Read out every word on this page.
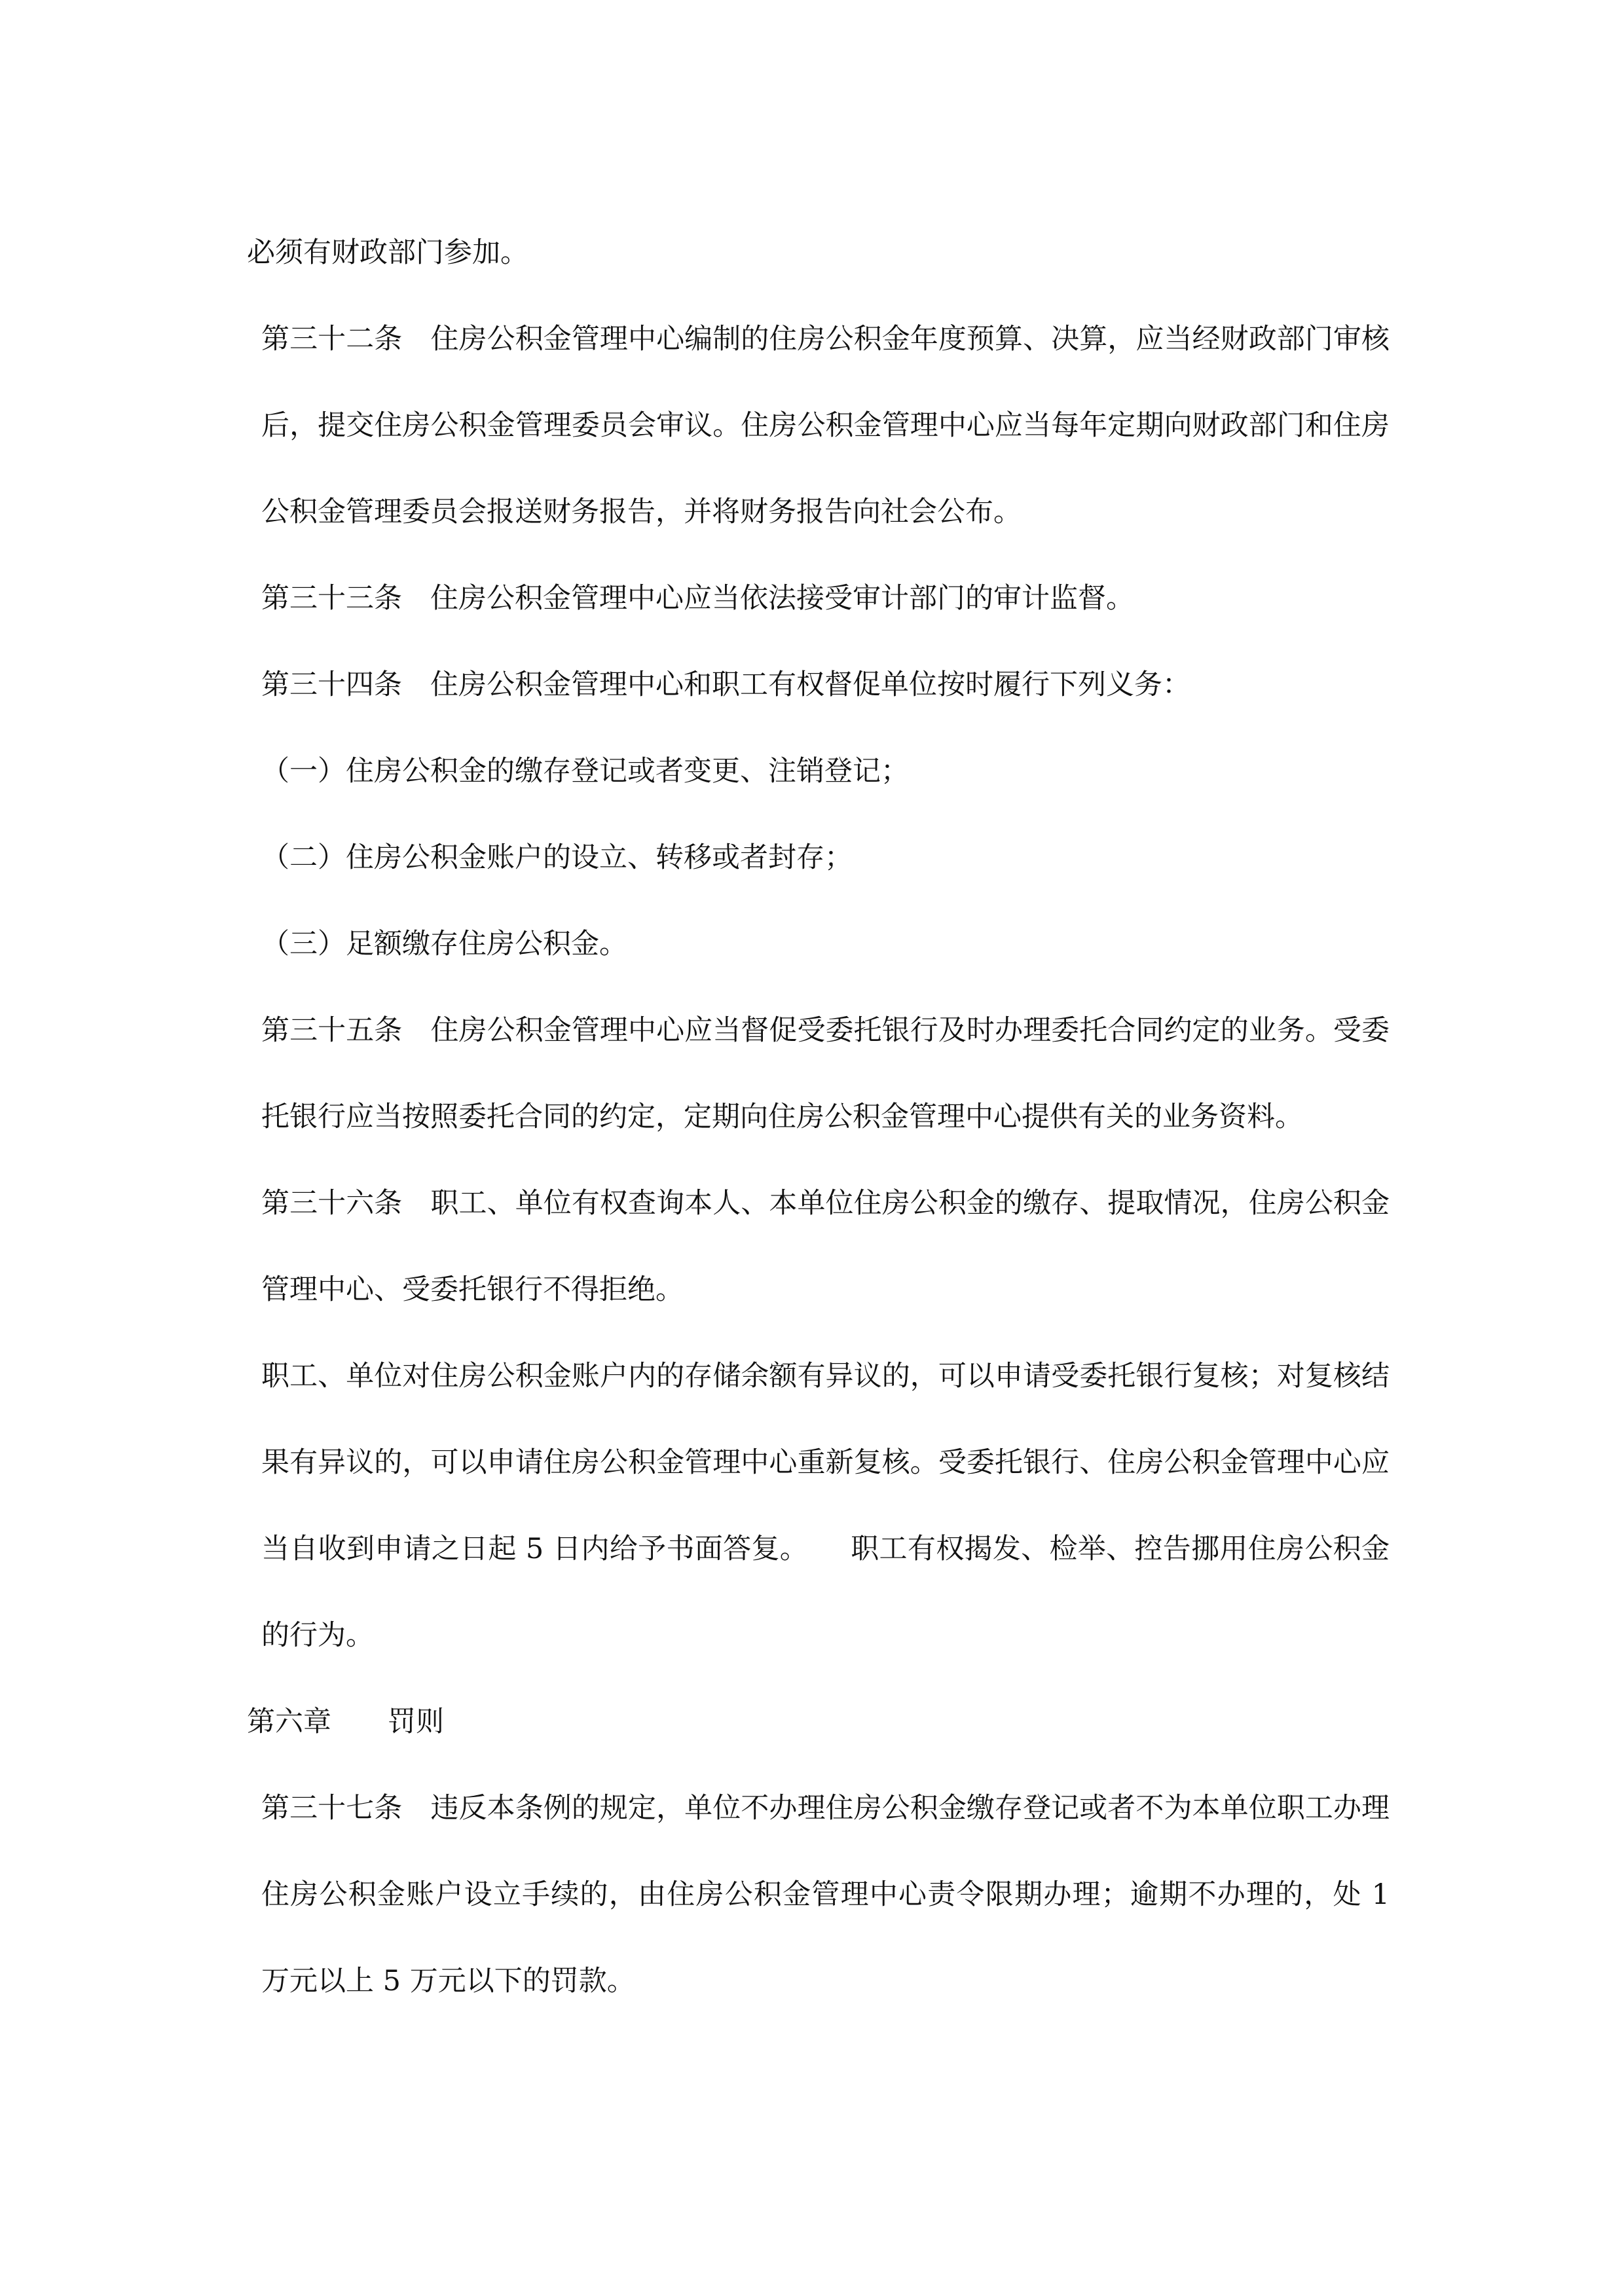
必须有财政部门参加。

第三十二条　住房公积金管理中心编制的住房公积金年度预算、决算，应当经财政部门审核后，提交住房公积金管理委员会审议。住房公积金管理中心应当每年定期向财政部门和住房公积金管理委员会报送财务报告，并将财务报告向社会公布。

第三十三条　住房公积金管理中心应当依法接受审计部门的审计监督。

第三十四条　住房公积金管理中心和职工有权督促单位按时履行下列义务：

（一）住房公积金的缴存登记或者变更、注销登记；

（二）住房公积金账户的设立、转移或者封存；

（三）足额缴存住房公积金。

第三十五条　住房公积金管理中心应当督促受委托银行及时办理委托合同约定的业务。受委托银行应当按照委托合同的约定，定期向住房公积金管理中心提供有关的业务资料。

第三十六条　职工、单位有权查询本人、本单位住房公积金的缴存、提取情况，住房公积金管理中心、受委托银行不得拒绝。

职工、单位对住房公积金账户内的存储余额有异议的，可以申请受委托银行复核；对复核结果有异议的，可以申请住房公积金管理中心重新复核。受委托银行、住房公积金管理中心应当自收到申请之日起 5 日内给予书面答复。　　职工有权揭发、检举、控告挪用住房公积金的行为。

第六章　　罚则

第三十七条　违反本条例的规定，单位不办理住房公积金缴存登记或者不为本单位职工办理住房公积金账户设立手续的，由住房公积金管理中心责令限期办理；逾期不办理的，处 1 万元以上 5 万元以下的罚款。
